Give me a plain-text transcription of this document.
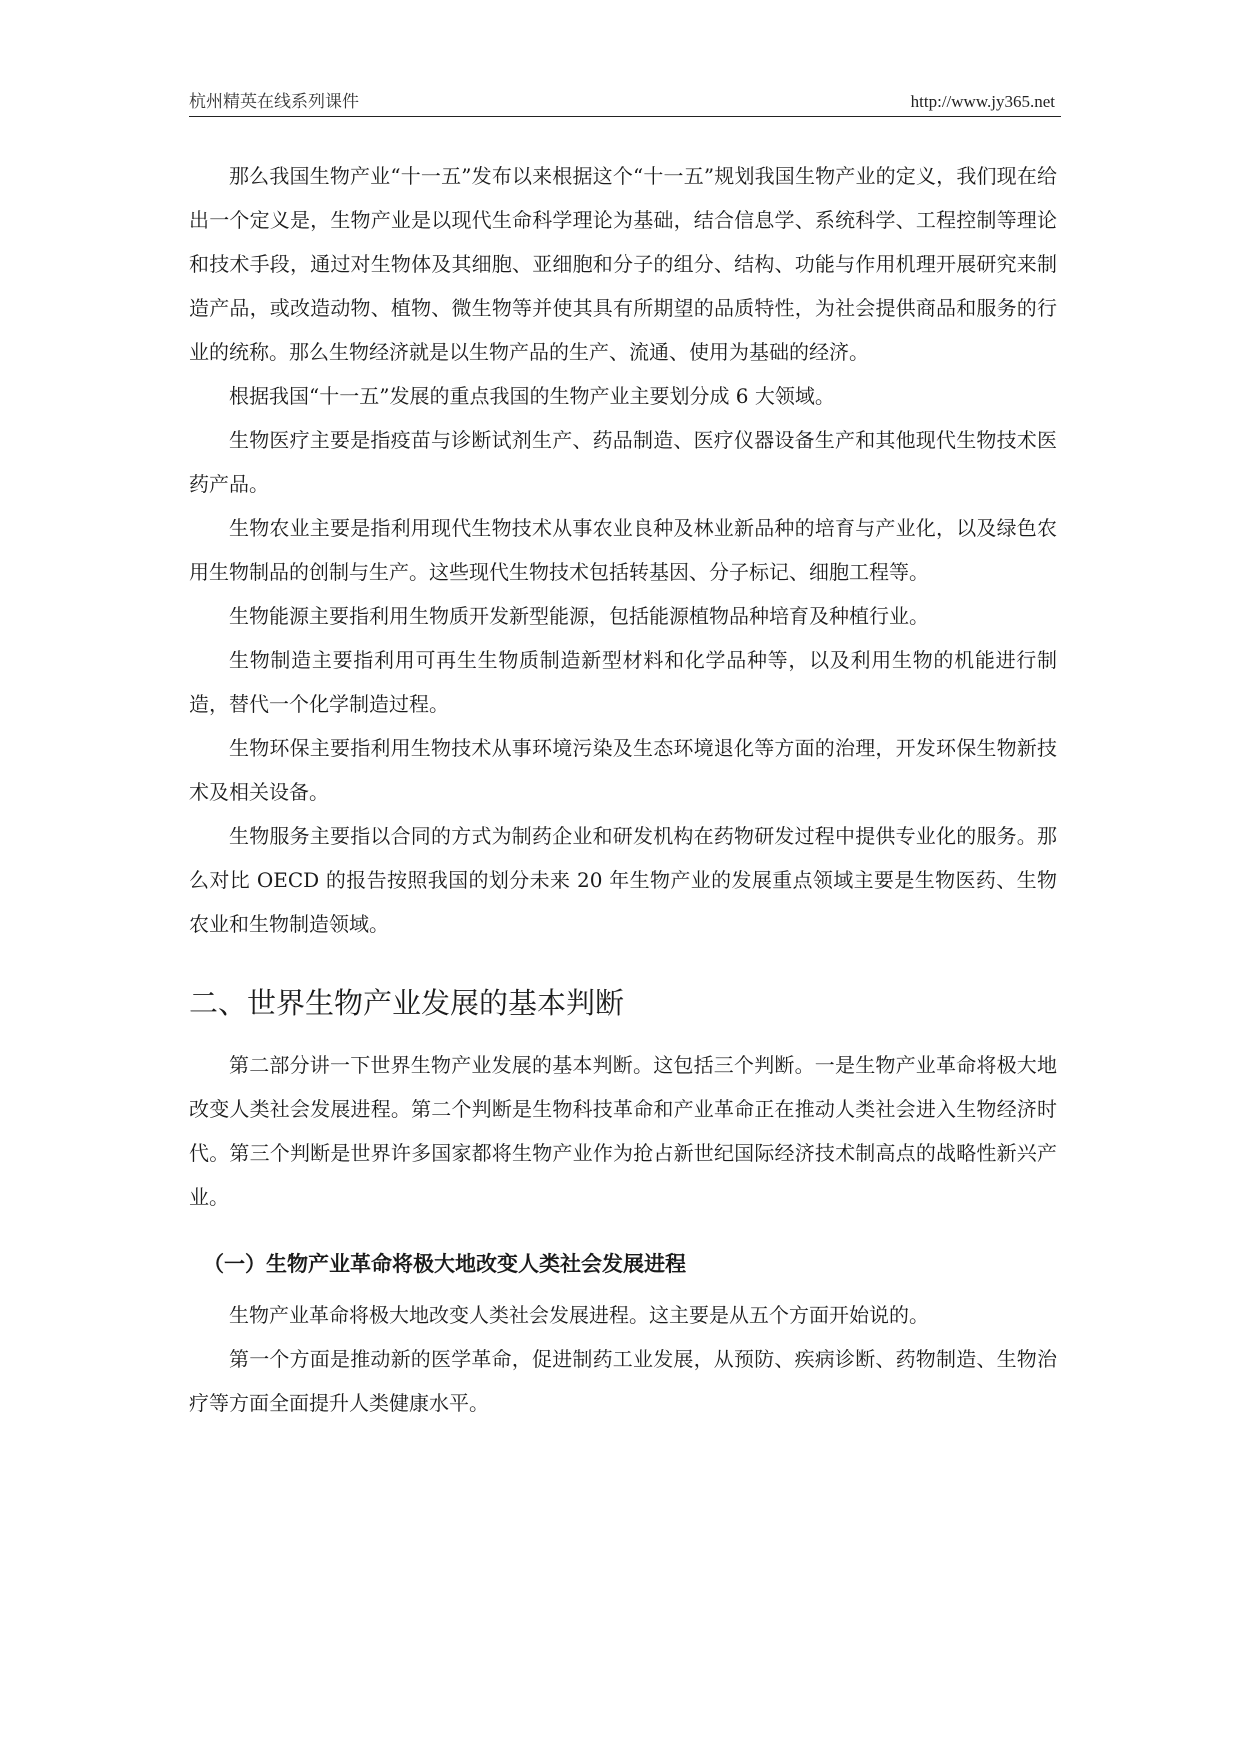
杭州精英在线系列课件	http://www.jy365.net

那么我国生物产业“十一五”发布以来根据这个“十一五”规划我国生物产业的定义，我们现在给出一个定义是，生物产业是以现代生命科学理论为基础，结合信息学、系统科学、工程控制等理论和技术手段，通过对生物体及其细胞、亚细胞和分子的组分、结构、功能与作用机理开展研究来制造产品，或改造动物、植物、微生物等并使其具有所期望的品质特性，为社会提供商品和服务的行业的统称。那么生物经济就是以生物产品的生产、流通、使用为基础的经济。

根据我国“十一五”发展的重点我国的生物产业主要划分成 6 大领域。

生物医疗主要是指疫苗与诊断试剂生产、药品制造、医疗仪器设备生产和其他现代生物技术医药产品。

生物农业主要是指利用现代生物技术从事农业良种及林业新品种的培育与产业化，以及绿色农用生物制品的创制与生产。这些现代生物技术包括转基因、分子标记、细胞工程等。

生物能源主要指利用生物质开发新型能源，包括能源植物品种培育及种植行业。

生物制造主要指利用可再生生物质制造新型材料和化学品种等，以及利用生物的机能进行制造，替代一个化学制造过程。

生物环保主要指利用生物技术从事环境污染及生态环境退化等方面的治理，开发环保生物新技术及相关设备。

生物服务主要指以合同的方式为制药企业和研发机构在药物研发过程中提供专业化的服务。那么对比 OECD 的报告按照我国的划分未来 20 年生物产业的发展重点领域主要是生物医药、生物农业和生物制造领域。

二、世界生物产业发展的基本判断

第二部分讲一下世界生物产业发展的基本判断。这包括三个判断。一是生物产业革命将极大地改变人类社会发展进程。第二个判断是生物科技革命和产业革命正在推动人类社会进入生物经济时代。第三个判断是世界许多国家都将生物产业作为抢占新世纪国际经济技术制高点的战略性新兴产业。

（一）生物产业革命将极大地改变人类社会发展进程

生物产业革命将极大地改变人类社会发展进程。这主要是从五个方面开始说的。

第一个方面是推动新的医学革命，促进制药工业发展，从预防、疾病诊断、药物制造、生物治疗等方面全面提升人类健康水平。
